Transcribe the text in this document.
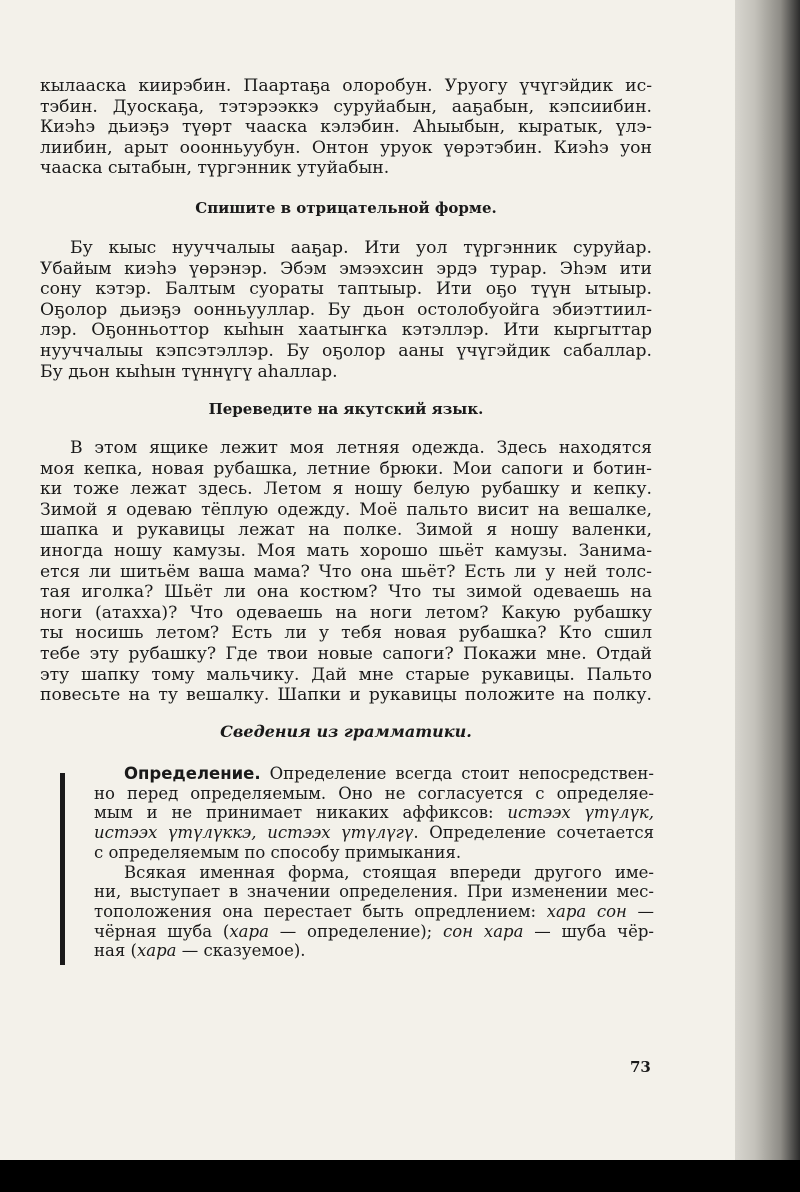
кылааска киирэбин. Паартаҕа олоробун. Уруогу үчүгэйдик ис-
тэбин. Дуоскаҕа, тэтэрээккэ суруйабын, ааҕабын, кэпсиибин.
Киэһэ дьиэҕэ түөрт чааска кэлэбин. Аһыыбын, кыратык, үлэ-
лиибин, арыт ооонньуубун. Онтон уруок үөрэтэбин. Киэһэ уон
чааска сытабын, түргэнник утуйабын.
Спишите в отрицательной форме.
Бу кыыс нууччалыы ааҕар. Ити уол түргэнник суруйар.
Убайым киэһэ үөрэнэр. Эбэм эмээхсин эрдэ турар. Эһэм ити
сону кэтэр. Балтым суораты таптыыр. Ити оҕо түүн ытыыр.
Оҕолор дьиэҕэ оонньууллар. Бу дьон остолобуойга эбиэттиил-
лэр. Оҕонньоттор кыһын хаатыҥка кэтэллэр. Ити кыргыттар
нууччалыы кэпсэтэллэр. Бу оҕолор ааны үчүгэйдик сабаллар.
Бу дьон кыһын түннүгү аһаллар.
Переведите на якутский язык.
В этом ящике лежит моя летняя одежда. Здесь находятся
моя кепка, новая рубашка, летние брюки. Мои сапоги и ботин-
ки тоже лежат здесь. Летом я ношу белую рубашку и кепку.
Зимой я одеваю тёплую одежду. Моё пальто висит на вешалке,
шапка и рукавицы лежат на полке. Зимой я ношу валенки,
иногда ношу камузы. Моя мать хорошо шьёт камузы. Занима-
ется ли шитьём ваша мама? Что она шьёт? Есть ли у ней толс-
тая иголка? Шьёт ли она костюм? Что ты зимой одеваешь на
ноги (атахха)? Что одеваешь на ноги летом? Какую рубашку
ты носишь летом? Есть ли у тебя новая рубашка? Кто сшил
тебе эту рубашку? Где твои новые сапоги? Покажи мне. Отдай
эту шапку тому мальчику. Дай мне старые рукавицы. Пальто
повесьте на ту вешалку. Шапки и рукавицы положите на полку.
Сведения из грамматики.
Определение. Определение всегда стоит непосредствен-
но перед определяемым. Оно не согласуется с определяе-
мым и не принимает никаких аффиксов: истээх үтүлүк,
истээх үтүлүккэ, истээх үтүлүгү. Определение сочетается
с определяемым по способу примыкания.
Всякая именная форма, стоящая впереди другого име-
ни, выступает в значении определения. При изменении мес-
тоположения она перестает быть опредлением: хара сон —
чёрная шуба (хара — определение); сон хара — шуба чёр-
ная (хара — сказуемое).
73
